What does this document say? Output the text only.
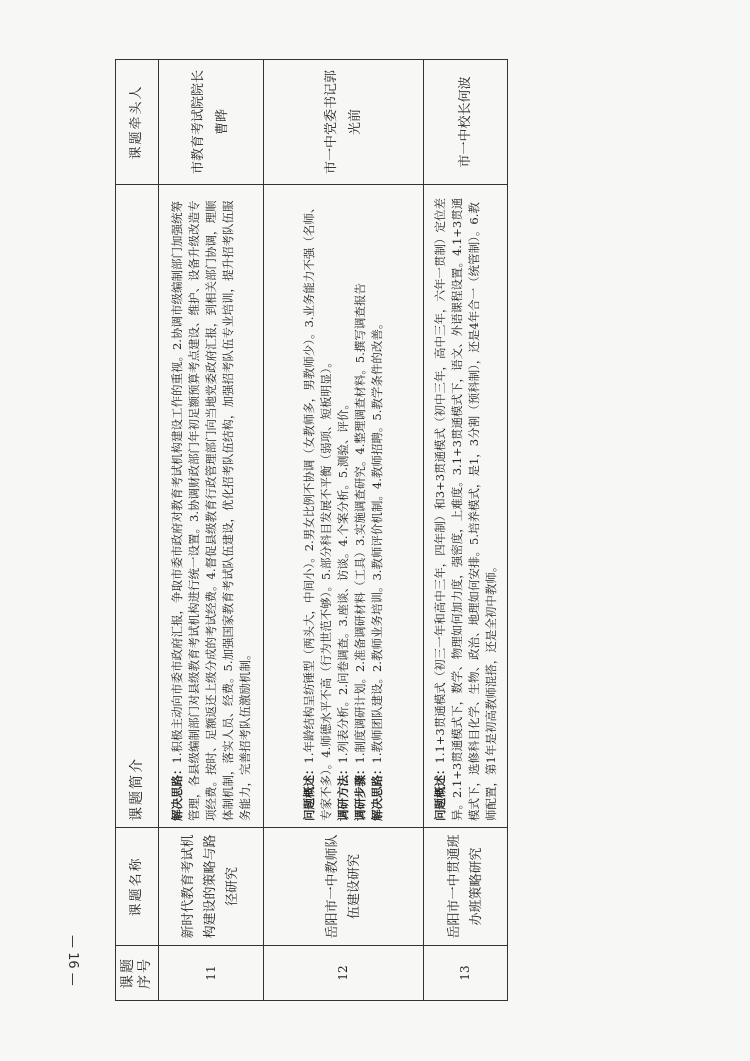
课题序号	课题名称	课题简介	课题牵头人
11	新时代教育考试机构建设的策略与路径研究	解决思路：1.积极主动向市委市政府汇报，争取市委市政府对教育考试机构建设工作的重视。2.协调市级编制部门加强统筹管理，各县级编制部门对县级教育考试机构进行统一设置。3.协调财政部门年初足额预算考点建设、维护、设备升级改造专项经费。按时、足额返还上级分成的考试经费。4.督促县级教育行政管理部门向当地党委政府汇报，到相关部门协调，理顺体制机制，落实人员、经费。5.加强国家教育考试队伍建设，优化招考队伍结构，加强招考队伍专业培训，提升招考队伍服务能力，完善招考队伍激励机制。	市教育考试院院长曹晔
12	岳阳市一中教师队伍建设研究	问题概述：1.年龄结构呈纺锤型（两头大，中间小）。2.男女比例不协调（女教师多，男教师少）。3.业务能力不强（名师、专家不多）。4.师德水平不高（行为世范不够）。5.部分科目发展不平衡（弱项、短板明显）。 调研方法：1.列表分析。2.问卷调查。3.座谈、访谈。4.个案分析。5.测验、评价。

调研步骤：1.制度调研计划。2.准备调研材料（工具）3.实施调查研究。4.整理调查材料。5.撰写调查报告

解决思路：1.教师团队建设。2.教师业务培训。3.教师评价机制。4.教师招聘。5.教学条件的改善。	市一中党委书记郭光前
13	岳阳市一中贯通班办班策略研究	问题概述：1.1+3贯通模式（初三一年和高中三年，四年制）和3+3贯通模式（初中三年，高中三年，六年一贯制）定位差异。2.1+3贯通模式下，数学、物理如何加力度，强密度，上难度。3.1+3贯通模式下，语文、外语课程设置。4.1+3贯通模式下，选修科目化学、生物、政治、地理如何安排。5.培养模式，是1，3分割（预科制），还是4年合一（统管制）。6.教师配置，第1年是初高教师混搭，还是全初中教师。	市一中校长何波
— 16 —
